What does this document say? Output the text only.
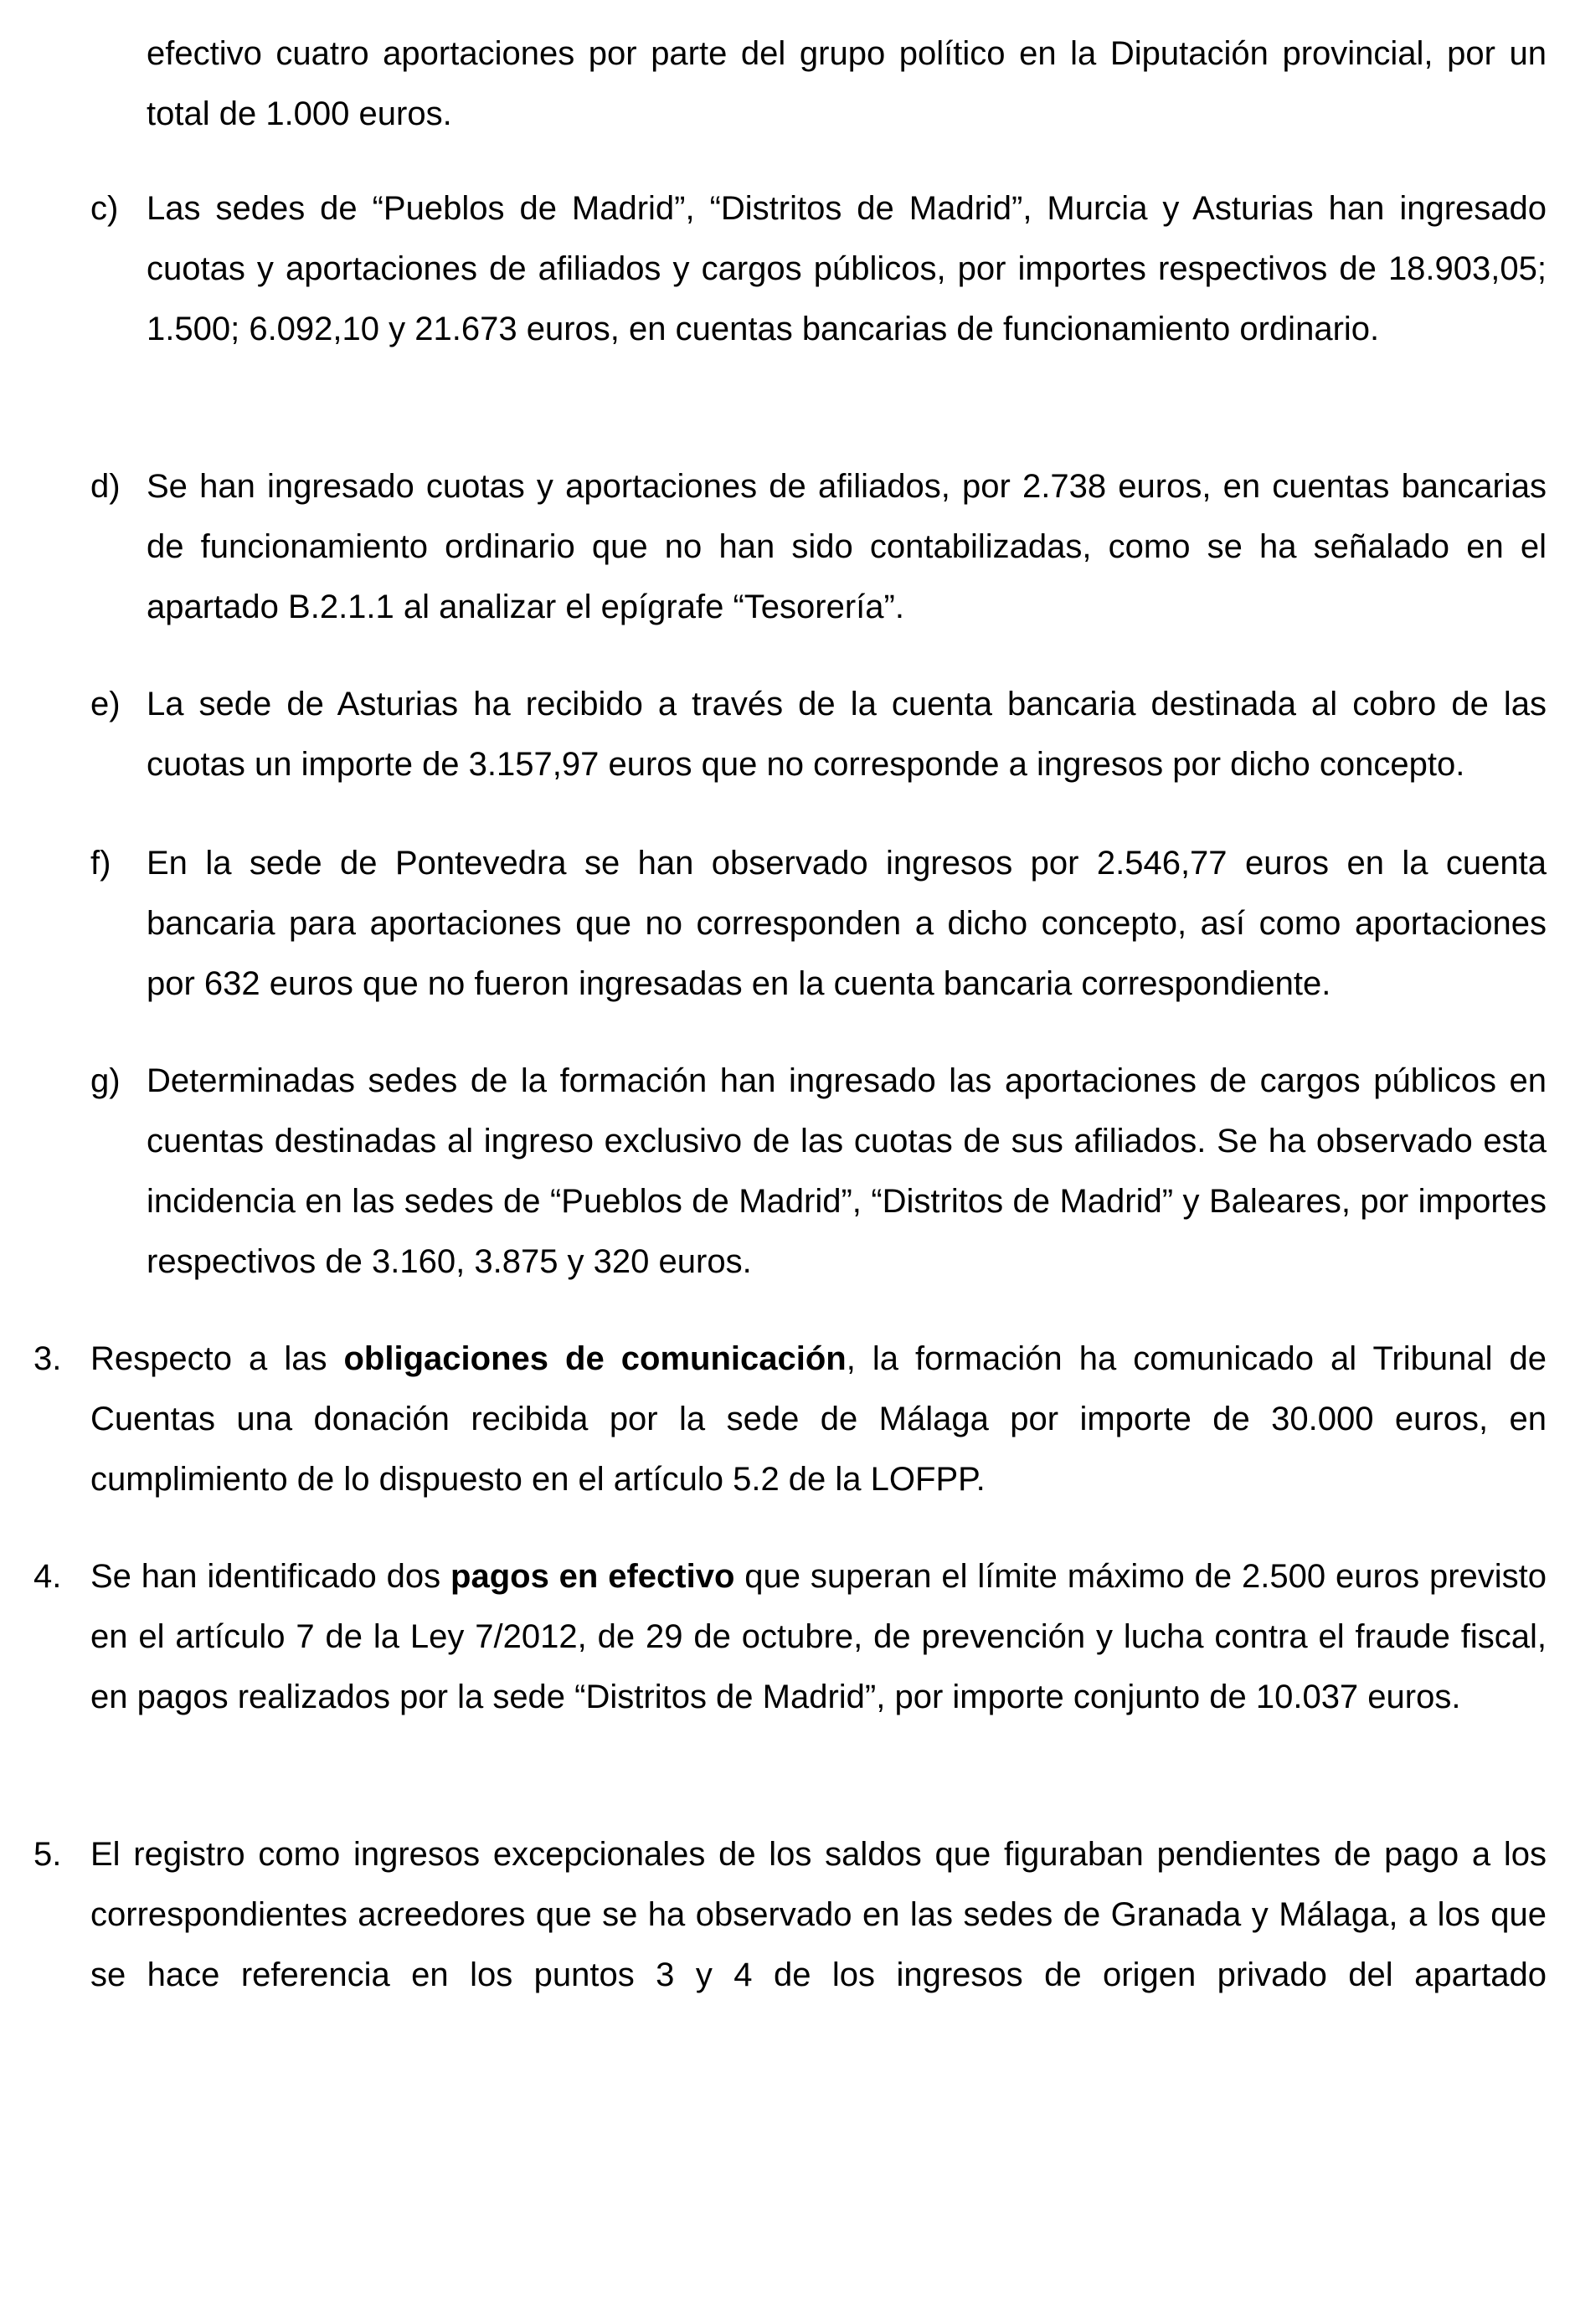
efectivo cuatro aportaciones por parte del grupo político en la Diputación provincial, por un total de 1.000 euros.
c) Las sedes de “Pueblos de Madrid”, “Distritos de Madrid”, Murcia y Asturias han ingresado cuotas y aportaciones de afiliados y cargos públicos, por importes respectivos de 18.903,05; 1.500; 6.092,10 y 21.673 euros, en cuentas bancarias de funcionamiento ordinario.
d) Se han ingresado cuotas y aportaciones de afiliados, por 2.738 euros, en cuentas bancarias de funcionamiento ordinario que no han sido contabilizadas, como se ha señalado en el apartado B.2.1.1 al analizar el epígrafe “Tesorería”.
e) La sede de Asturias ha recibido a través de la cuenta bancaria destinada al cobro de las cuotas un importe de 3.157,97 euros que no corresponde a ingresos por dicho concepto.
f) En la sede de Pontevedra se han observado ingresos por 2.546,77 euros en la cuenta bancaria para aportaciones que no corresponden a dicho concepto, así como aportaciones por 632 euros que no fueron ingresadas en la cuenta bancaria correspondiente.
g) Determinadas sedes de la formación han ingresado las aportaciones de cargos públicos en cuentas destinadas al ingreso exclusivo de las cuotas de sus afiliados. Se ha observado esta incidencia en las sedes de “Pueblos de Madrid”, “Distritos de Madrid” y Baleares, por importes respectivos de 3.160, 3.875 y 320 euros.
3. Respecto a las obligaciones de comunicación, la formación ha comunicado al Tribunal de Cuentas una donación recibida por la sede de Málaga por importe de 30.000 euros, en cumplimiento de lo dispuesto en el artículo 5.2 de la LOFPP.
4. Se han identificado dos pagos en efectivo que superan el límite máximo de 2.500 euros previsto en el artículo 7 de la Ley 7/2012, de 29 de octubre, de prevención y lucha contra el fraude fiscal, en pagos realizados por la sede “Distritos de Madrid”, por importe conjunto de 10.037 euros.
5. El registro como ingresos excepcionales de los saldos que figuraban pendientes de pago a los correspondientes acreedores que se ha observado en las sedes de Granada y Málaga, a los que se hace referencia en los puntos 3 y 4 de los ingresos de origen privado del apartado
